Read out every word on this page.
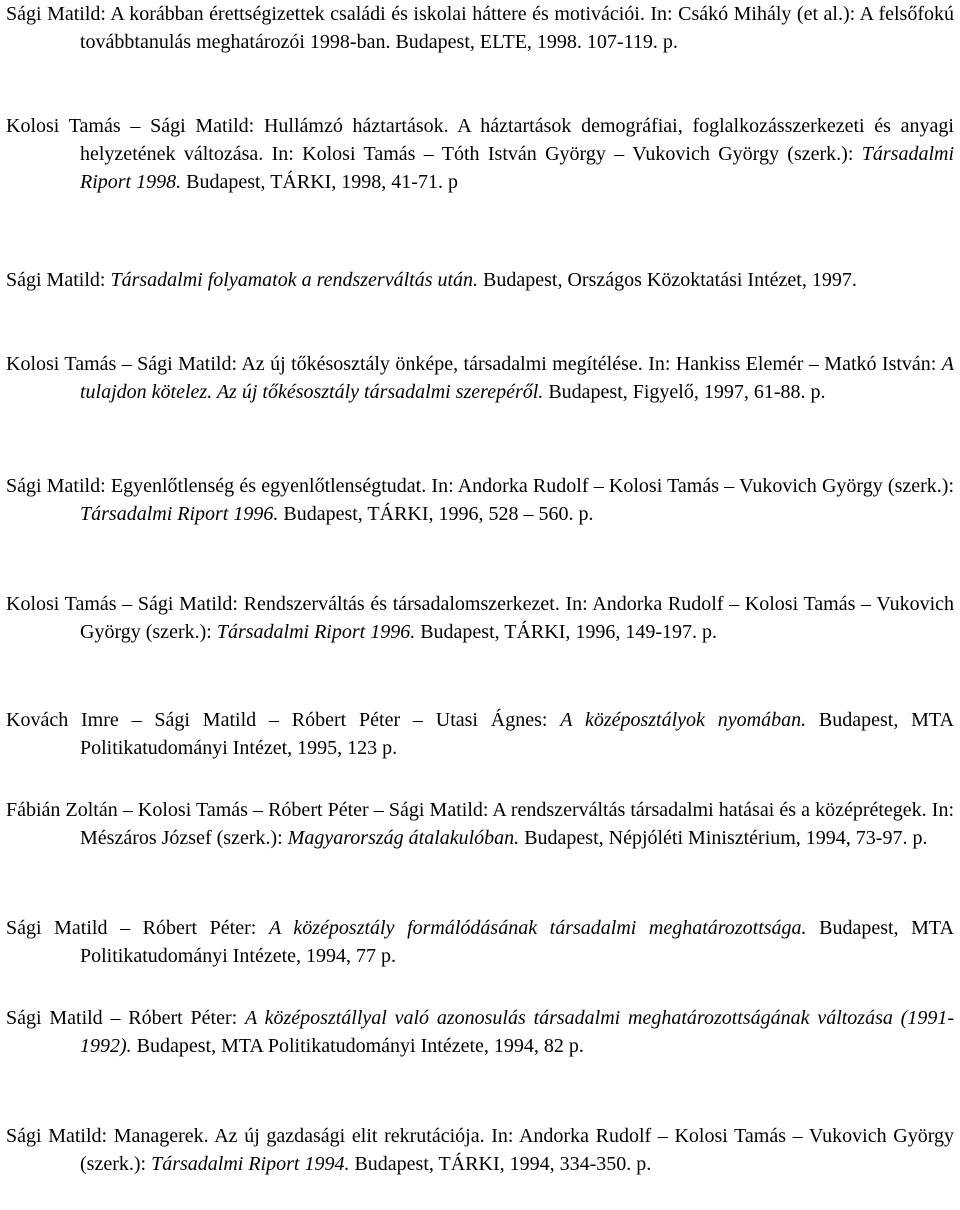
Sági Matild: A korábban érettségizettek családi és iskolai háttere és motivációi. In: Csákó Mihály (et al.): A felsőfokú továbbtanulás meghatározói 1998-ban. Budapest, ELTE, 1998. 107-119. p.
Kolosi Tamás – Sági Matild: Hullámzó háztartások. A háztartások demográfiai, foglalkozásszerkezeti és anyagi helyzetének változása. In: Kolosi Tamás – Tóth István György – Vukovich György (szerk.): Társadalmi Riport 1998. Budapest, TÁRKI, 1998, 41-71. p
Sági Matild: Társadalmi folyamatok a rendszerváltás után. Budapest, Országos Közoktatási Intézet, 1997.
Kolosi Tamás – Sági Matild: Az új tőkésosztály önképe, társadalmi megítélése. In: Hankiss Elemér – Matkó István: A tulajdon kötelez. Az új tőkésosztály társadalmi szerepéről. Budapest, Figyelő, 1997, 61-88. p.
Sági Matild: Egyenlőtlenség és egyenlőtlenségtudat. In: Andorka Rudolf – Kolosi Tamás – Vukovich György (szerk.): Társadalmi Riport 1996. Budapest, TÁRKI, 1996, 528 – 560. p.
Kolosi Tamás – Sági Matild: Rendszerváltás és társadalomszerkezet. In: Andorka Rudolf – Kolosi Tamás – Vukovich György (szerk.): Társadalmi Riport 1996. Budapest, TÁRKI, 1996, 149-197. p.
Kovách Imre – Sági Matild – Róbert Péter – Utasi Ágnes: A középosztályok nyomában. Budapest, MTA Politikatudományi Intézet, 1995, 123 p.
Fábián Zoltán – Kolosi Tamás – Róbert Péter – Sági Matild: A rendszerváltás társadalmi hatásai és a középrétegek. In: Mészáros József (szerk.): Magyarország átalakulóban. Budapest, Népjóléti Minisztérium, 1994, 73-97. p.
Sági Matild – Róbert Péter: A középosztály formálódásának társadalmi meghatározottsága. Budapest, MTA Politikatudományi Intézete, 1994, 77 p.
Sági Matild – Róbert Péter: A középosztállyal való azonosulás társadalmi meghatározottságának változása (1991-1992). Budapest, MTA Politikatudományi Intézete, 1994, 82 p.
Sági Matild: Managerek. Az új gazdasági elit rekrutációja. In: Andorka Rudolf – Kolosi Tamás – Vukovich György (szerk.): Társadalmi Riport 1994. Budapest, TÁRKI, 1994, 334-350. p.
